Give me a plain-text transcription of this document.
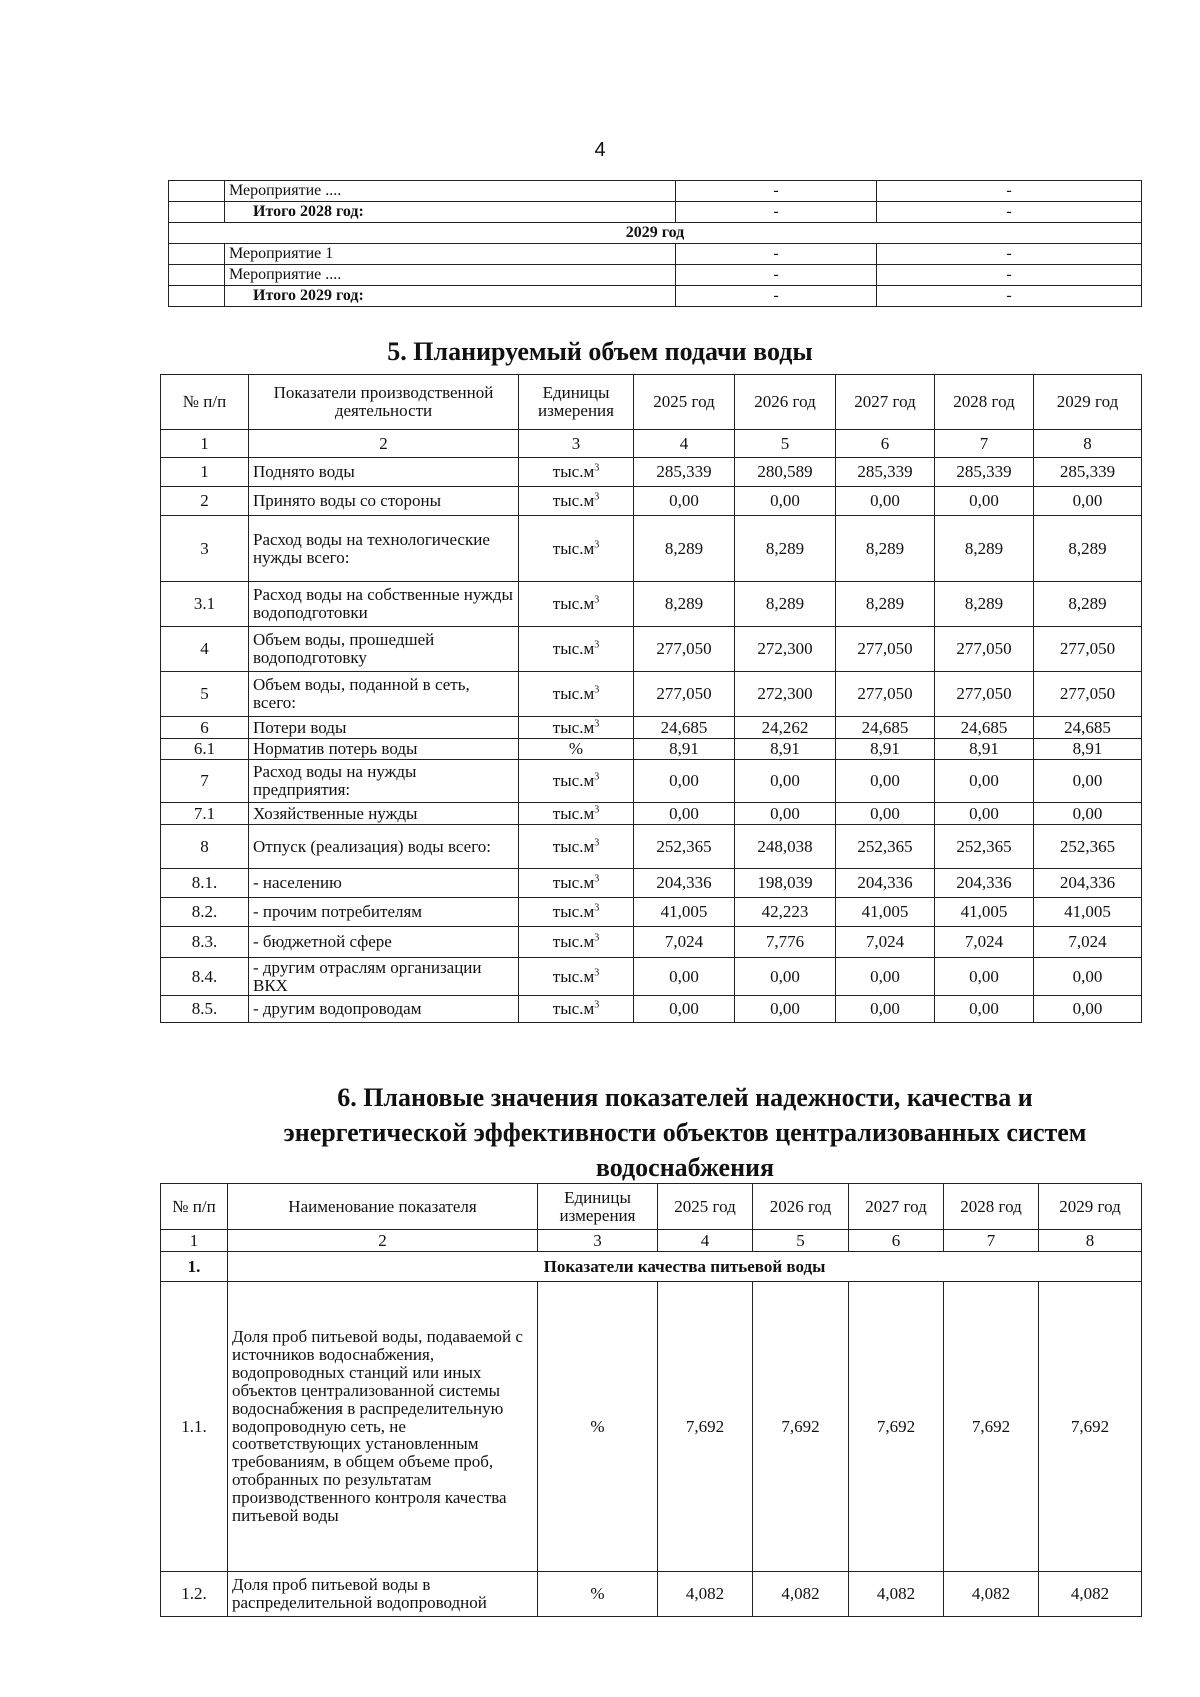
4
	Мероприятие ....	-	-
	Итого 2028 год:	-	-
2029 год			
	Мероприятие 1	-	-
	Мероприятие ....	-	-
	Итого 2029 год:	-	-
5. Планируемый объем подачи воды
№ п/п	Показатели производственной деятельности	Единицы измерения	2025 год	2026 год	2027 год	2028 год	2029 год
1	2	3	4	5	6	7	8
1	Поднято воды	$тыс.м^3$	285,339	280,589	285,339	285,339	285,339
2	Принято воды со стороны	$тыс.м^3$	0,00	0,00	0,00	0,00	0,00
3	Расход воды на технологические нужды всего:	$тыс.м^3$	8,289	8,289	8,289	8,289	8,289
3.1	Расход воды на собственные нужды водоподготовки	$тыс.м^3$	8,289	8,289	8,289	8,289	8,289
4	Объем воды, прошедшей водоподготовку	$тыс.м^3$	277,050	272,300	277,050	277,050	277,050
5	Объем воды, поданной в сеть, всего:	$тыс.м^3$	277,050	272,300	277,050	277,050	277,050
6	Потери воды	$тыс.м^3$	24,685	24,262	24,685	24,685	24,685
6.1	Норматив потерь воды	%	8,91	8,91	8,91	8,91	8,91
7	Расход воды на нужды предприятия:	$тыс.м^3$	0,00	0,00	0,00	0,00	0,00
7.1	Хозяйственные нужды	$тыс.м^3$	0,00	0,00	0,00	0,00	0,00
8	Отпуск (реализация) воды всего:	$тыс.м^3$	252,365	248,038	252,365	252,365	252,365
8.1.	- населению	$тыс.м^3$	204,336	198,039	204,336	204,336	204,336
8.2.	- прочим потребителям	$тыс.м^3$	41,005	42,223	41,005	41,005	41,005
8.3.	- бюджетной сфере	$тыс.м^3$	7,024	7,776	7,024	7,024	7,024
8.4.	- другим отраслям организации ВКХ	$тыс.м^3$	0,00	0,00	0,00	0,00	0,00
8.5.	- другим водопроводам	$тыс.м^3$	0,00	0,00	0,00	0,00	0,00
6. Плановые значения показателей надежности, качества и
энергетической эффективности объектов централизованных систем
водоснабжения
№ п/п	Наименование показателя	Единицы измерения	2025 год	2026 год	2027 год	2028 год	2029 год
1	2	3	4	5	6	7	8
1.	Показатели качества питьевой воды						
1.1.	Доля проб питьевой воды, подаваемой с источников водоснабжения, водопроводных станций или иных объектов централизованной системы водоснабжения в распределительную водопроводную сеть, не соответствующих установленным требованиям, в общем объеме проб, отобранных по результатам производственного контроля качества питьевой воды	%	7,692	7,692	7,692	7,692	7,692
1.2.	Доля проб питьевой воды в распределительной водопроводной	%	4,082	4,082	4,082	4,082	4,082
